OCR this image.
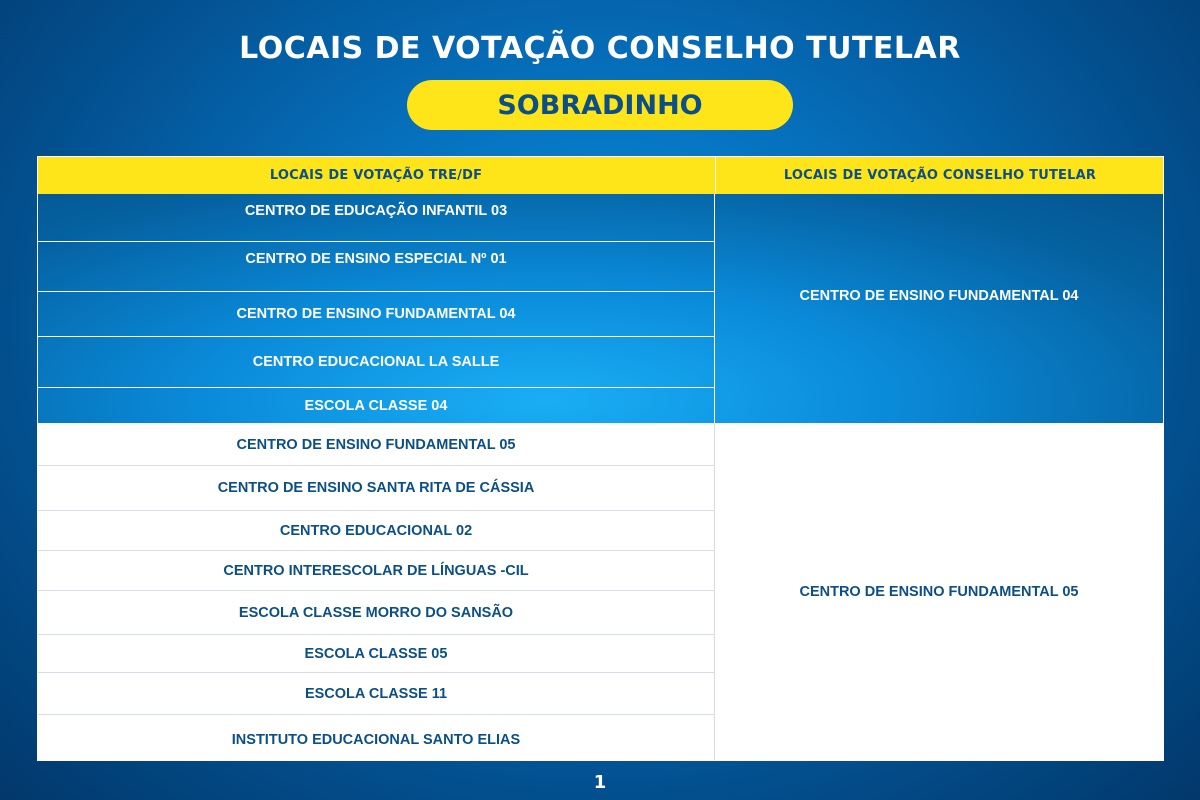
LOCAIS DE VOTAÇÃO CONSELHO TUTELAR
SOBRADINHO
LOCAIS DE VOTAÇÃO TRE/DF	LOCAIS DE VOTAÇÃO CONSELHO TUTELAR
CENTRO DE EDUCAÇÃO INFANTIL 03
CENTRO DE ENSINO ESPECIAL Nº 01
CENTRO DE ENSINO FUNDAMENTAL 04
CENTRO EDUCACIONAL LA SALLE
ESCOLA CLASSE 04
CENTRO DE ENSINO FUNDAMENTAL 04
CENTRO DE ENSINO FUNDAMENTAL 05
CENTRO DE ENSINO SANTA RITA DE CÁSSIA
CENTRO EDUCACIONAL 02
CENTRO INTERESCOLAR DE LÍNGUAS -CIL
ESCOLA CLASSE MORRO DO SANSÃO
ESCOLA CLASSE 05
ESCOLA CLASSE 11
INSTITUTO EDUCACIONAL SANTO ELIAS
CENTRO DE ENSINO FUNDAMENTAL 05
1
